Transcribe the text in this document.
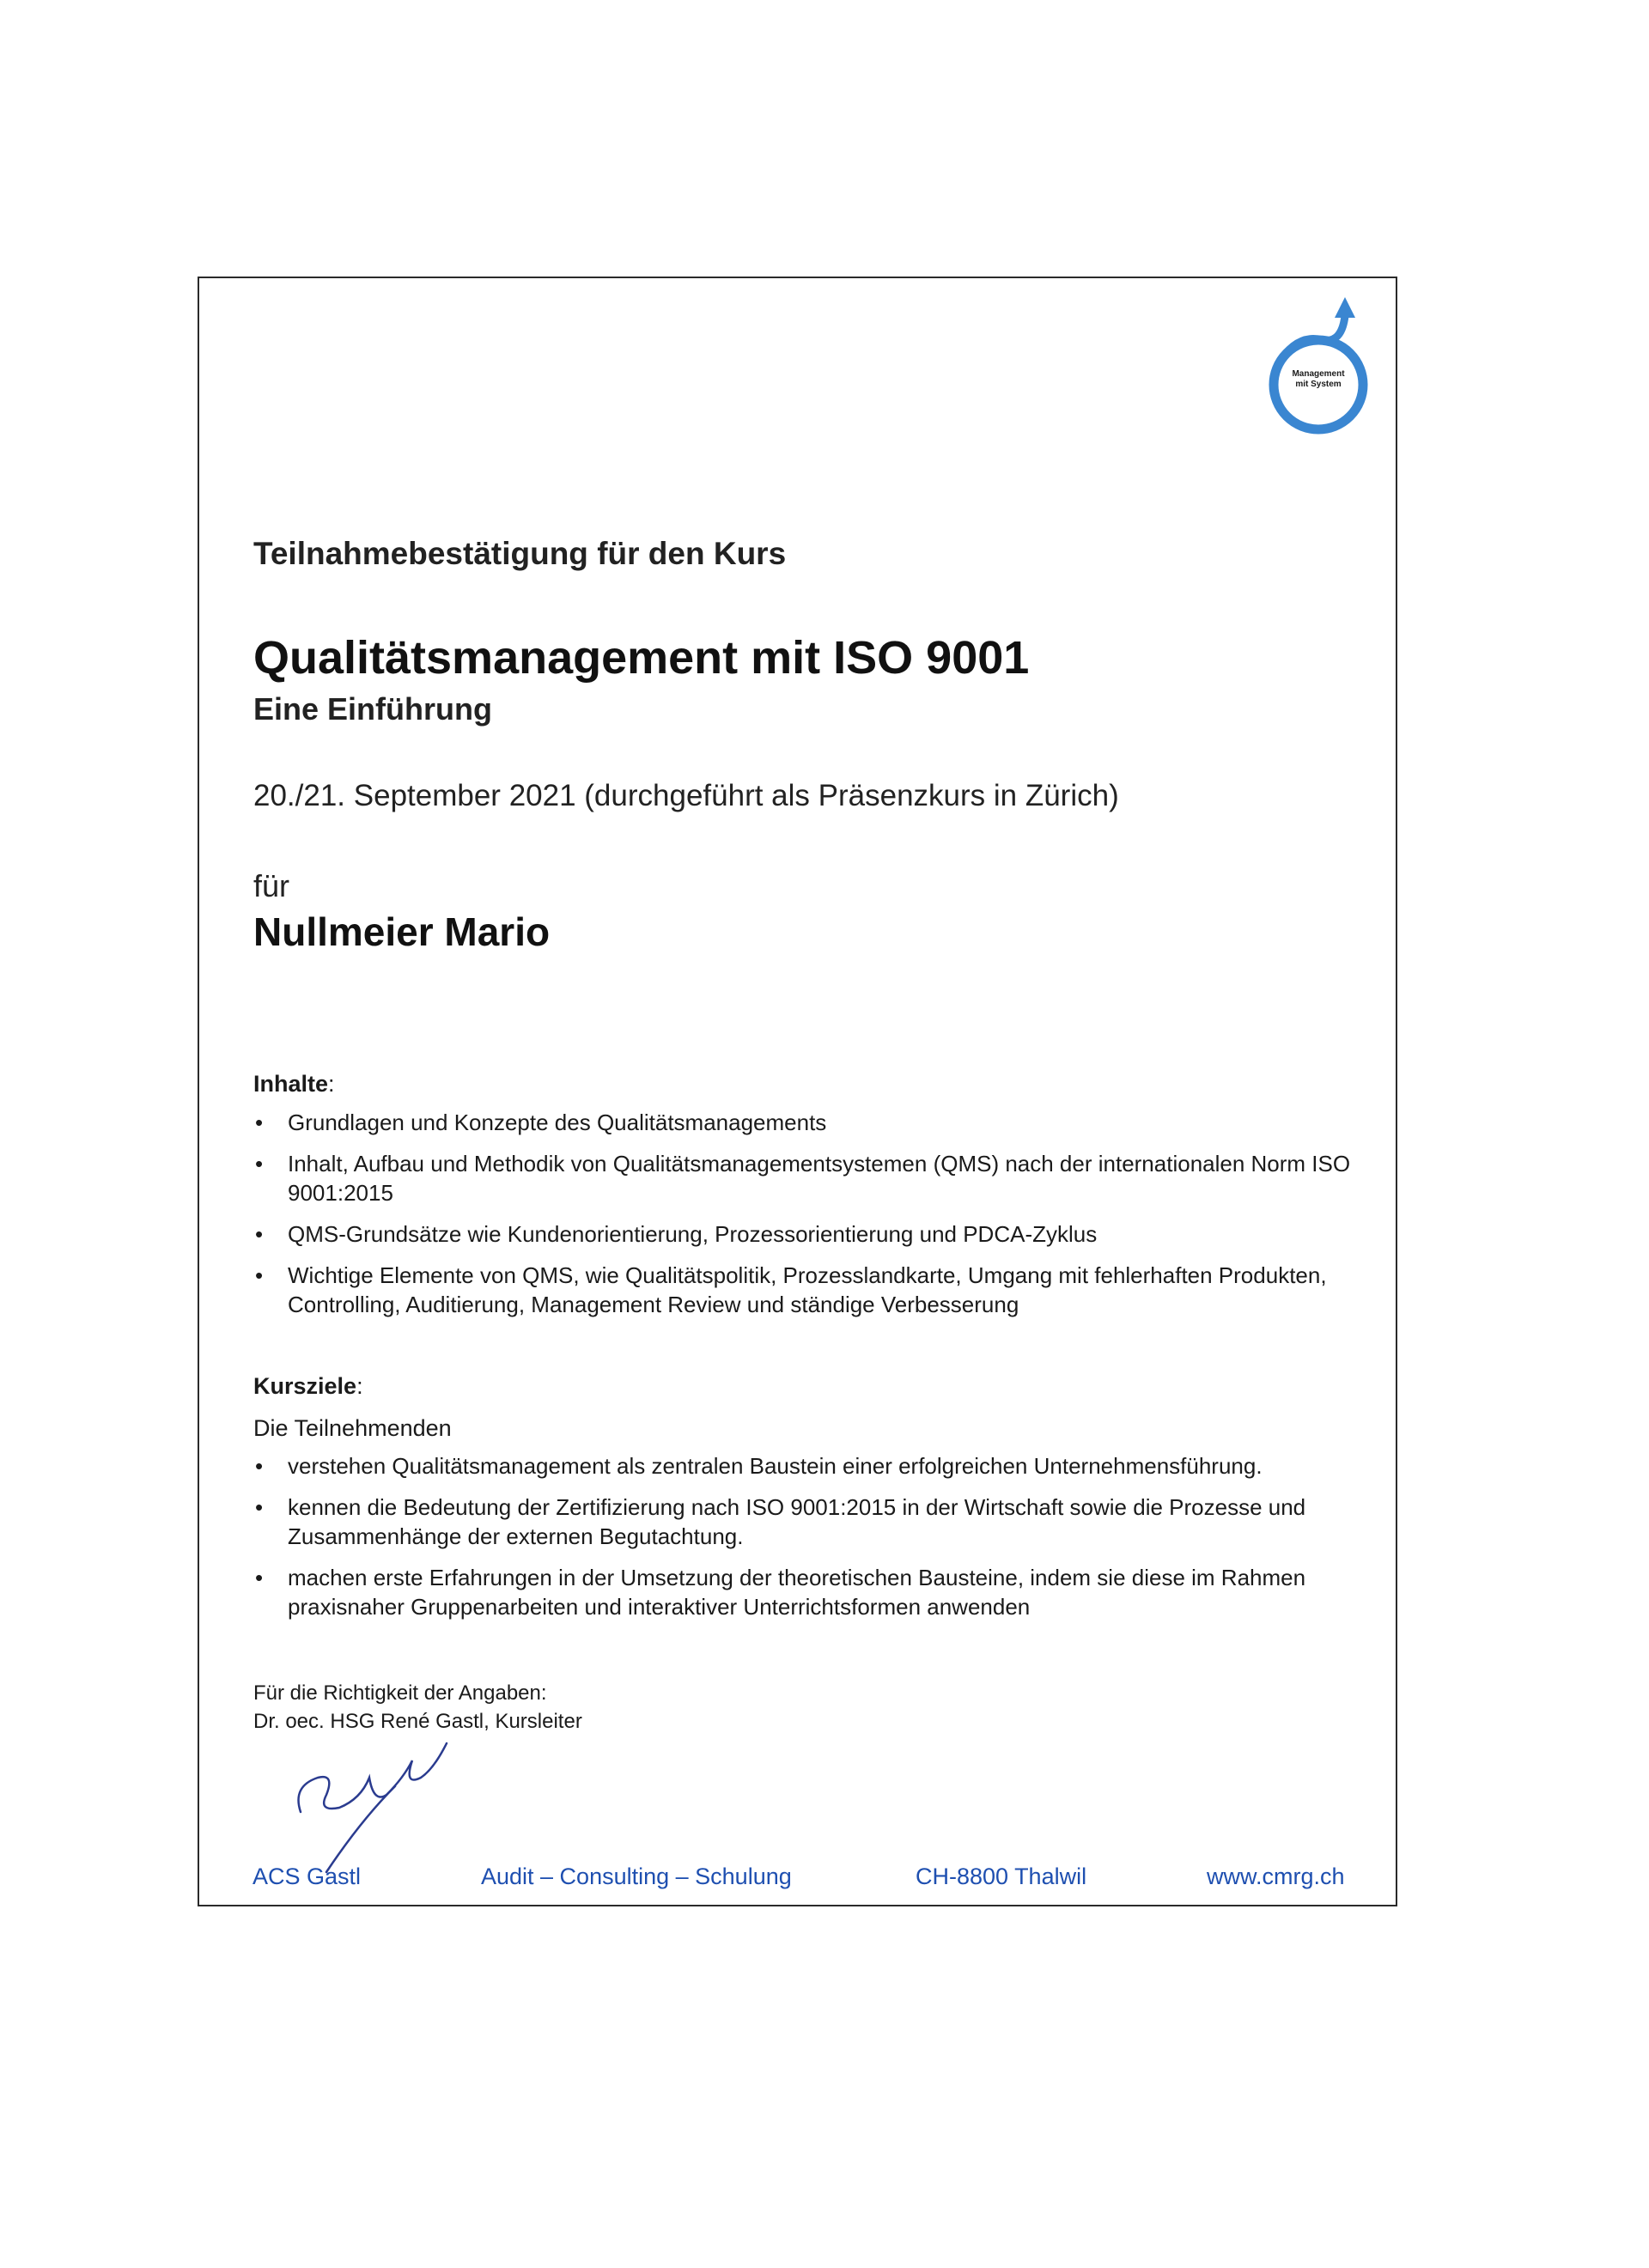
Management
mit System
Teilnahmebestätigung für den Kurs
Qualitätsmanagement mit ISO 9001
Eine Einführung
20./21. September 2021 (durchgeführt als Präsenzkurs in Zürich)
für
Nullmeier Mario
Inhalte:
•	Grundlagen und Konzepte des Qualitätsmanagements
•	Inhalt, Aufbau und Methodik von Qualitätsmanagementsystemen (QMS) nach der internationalen Norm ISO 9001:2015
•	QMS-Grundsätze wie Kundenorientierung, Prozessorientierung und PDCA-Zyklus
•	Wichtige Elemente von QMS, wie Qualitätspolitik, Prozesslandkarte, Umgang mit fehlerhaften Produkten, Controlling, Auditierung, Management Review und ständige Verbesserung
Kursziele:
Die Teilnehmenden
•	verstehen Qualitätsmanagement als zentralen Baustein einer erfolgreichen Unternehmensführung.
•	kennen die Bedeutung der Zertifizierung nach ISO 9001:2015 in der Wirtschaft sowie die Prozesse und Zusammenhänge der externen Begutachtung.
•	machen erste Erfahrungen in der Umsetzung der theoretischen Bausteine, indem sie diese im Rahmen praxisnaher Gruppenarbeiten und interaktiver Unterrichtsformen anwenden
Für die Richtigkeit der Angaben:
Dr. oec. HSG René Gastl, Kursleiter
ACS Gastl	Audit – Consulting – Schulung	CH-8800 Thalwil	www.cmrg.ch
